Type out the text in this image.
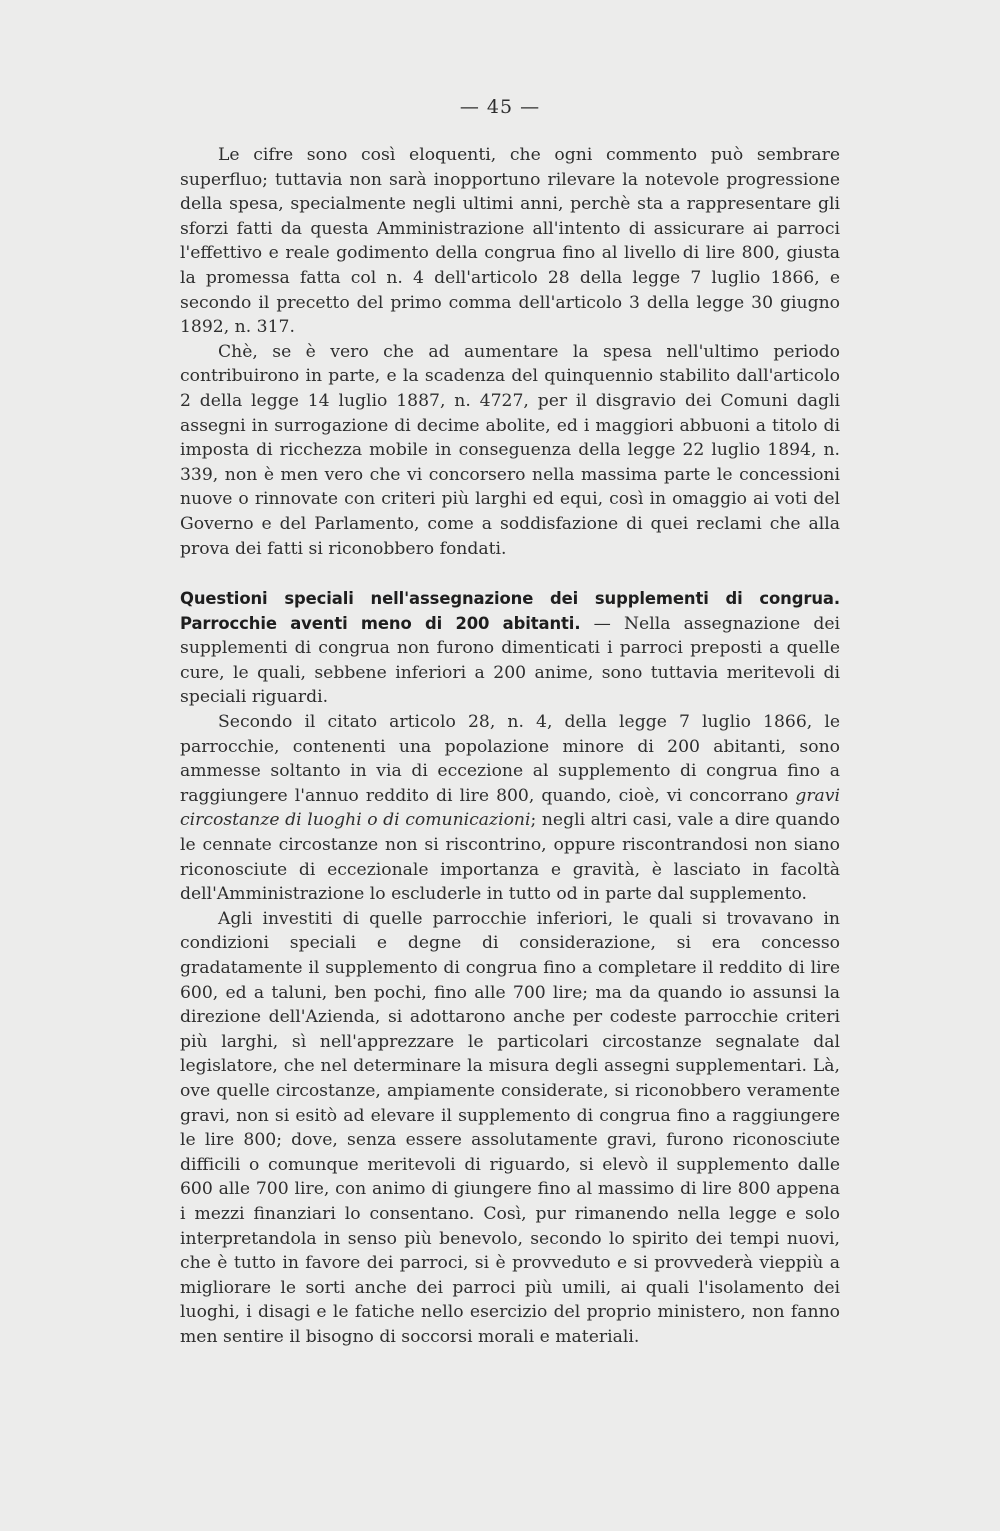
— 45 —

Le cifre sono così eloquenti, che ogni commento può sembrare superfluo; tuttavia non sarà inopportuno rilevare la notevole progressione della spesa, specialmente negli ultimi anni, perchè sta a rappresentare gli sforzi fatti da questa Amministrazione all'intento di assicurare ai parroci l'effettivo e reale godimento della congrua fino al livello di lire 800, giusta la promessa fatta col n. 4 dell'articolo 28 della legge 7 luglio 1866, e secondo il precetto del primo comma dell'articolo 3 della legge 30 giugno 1892, n. 317.

Chè, se è vero che ad aumentare la spesa nell'ultimo periodo contribuirono in parte, e la scadenza del quinquennio stabilito dall'articolo 2 della legge 14 luglio 1887, n. 4727, per il disgravio dei Comuni dagli assegni in surrogazione di decime abolite, ed i maggiori abbuoni a titolo di imposta di ricchezza mobile in conseguenza della legge 22 luglio 1894, n. 339, non è men vero che vi concorsero nella massima parte le concessioni nuove o rinnovate con criteri più larghi ed equi, così in omaggio ai voti del Governo e del Parlamento, come a soddisfazione di quei reclami che alla prova dei fatti si riconobbero fondati.

Questioni speciali nell'assegnazione dei supplementi di congrua. Parrocchie aventi meno di 200 abitanti. — Nella assegnazione dei supplementi di congrua non furono dimenticati i parroci preposti a quelle cure, le quali, sebbene inferiori a 200 anime, sono tuttavia meritevoli di speciali riguardi.

Secondo il citato articolo 28, n. 4, della legge 7 luglio 1866, le parrocchie, contenenti una popolazione minore di 200 abitanti, sono ammesse soltanto in via di eccezione al supplemento di congrua fino a raggiungere l'annuo reddito di lire 800, quando, cioè, vi concorrano gravi circostanze di luoghi o di comunicazioni; negli altri casi, vale a dire quando le cennate circostanze non si riscontrino, oppure riscontrandosi non siano riconosciute di eccezionale importanza e gravità, è lasciato in facoltà dell'Amministrazione lo escluderle in tutto od in parte dal supplemento.

Agli investiti di quelle parrocchie inferiori, le quali si trovavano in condizioni speciali e degne di considerazione, si era concesso gradatamente il supplemento di congrua fino a completare il reddito di lire 600, ed a taluni, ben pochi, fino alle 700 lire; ma da quando io assunsi la direzione dell'Azienda, si adottarono anche per codeste parrocchie criteri più larghi, sì nell'apprezzare le particolari circostanze segnalate dal legislatore, che nel determinare la misura degli assegni supplementari. Là, ove quelle circostanze, ampiamente considerate, si riconobbero veramente gravi, non si esitò ad elevare il supplemento di congrua fino a raggiungere le lire 800; dove, senza essere assolutamente gravi, furono riconosciute difficili o comunque meritevoli di riguardo, si elevò il supplemento dalle 600 alle 700 lire, con animo di giungere fino al massimo di lire 800 appena i mezzi finanziari lo consentano. Così, pur rimanendo nella legge e solo interpretandola in senso più benevolo, secondo lo spirito dei tempi nuovi, che è tutto in favore dei parroci, si è provveduto e si provvederà vieppiù a migliorare le sorti anche dei parroci più umili, ai quali l'isolamento dei luoghi, i disagi e le fatiche nello esercizio del proprio ministero, non fanno men sentire il bisogno di soccorsi morali e materiali.
